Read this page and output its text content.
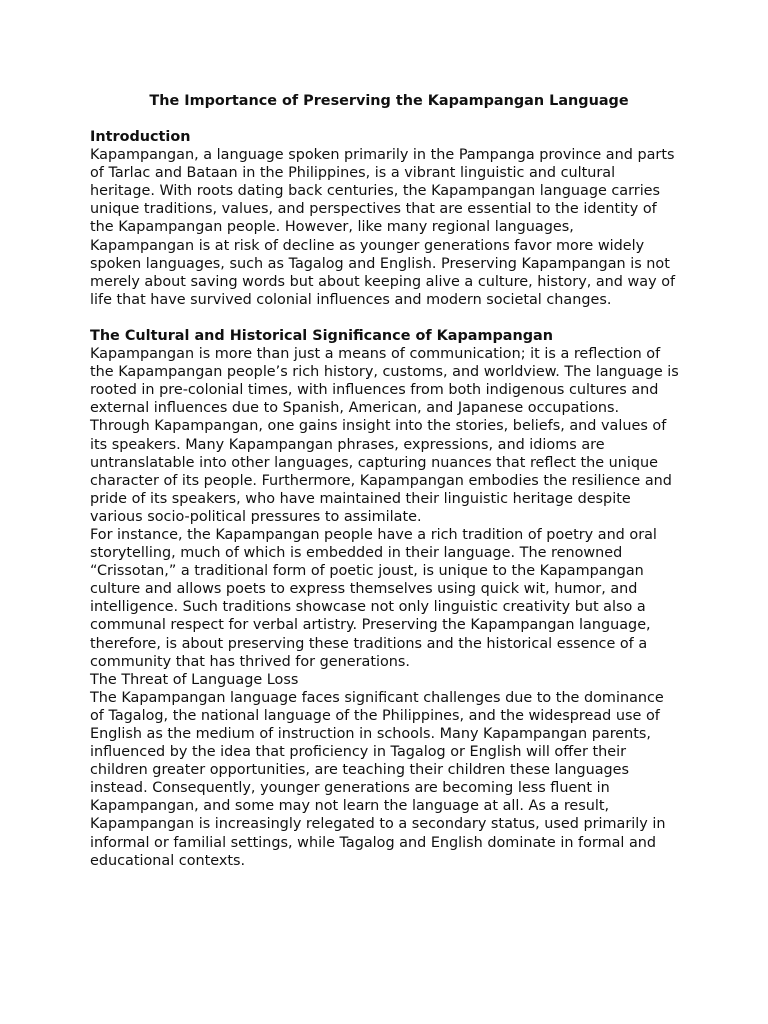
The Importance of Preserving the Kapampangan Language
Introduction

Kapampangan, a language spoken primarily in the Pampanga province and parts of Tarlac and Bataan in the Philippines, is a vibrant linguistic and cultural heritage. With roots dating back centuries, the Kapampangan language carries unique traditions, values, and perspectives that are essential to the identity of the Kapampangan people. However, like many regional languages, Kapampangan is at risk of decline as younger generations favor more widely spoken languages, such as Tagalog and English. Preserving Kapampangan is not merely about saving words but about keeping alive a culture, history, and way of life that have survived colonial influences and modern societal changes.

The Cultural and Historical Significance of Kapampangan

Kapampangan is more than just a means of communication; it is a reflection of the Kapampangan people’s rich history, customs, and worldview. The language is rooted in pre-colonial times, with influences from both indigenous cultures and external influences due to Spanish, American, and Japanese occupations. Through Kapampangan, one gains insight into the stories, beliefs, and values of its speakers. Many Kapampangan phrases, expressions, and idioms are untranslatable into other languages, capturing nuances that reflect the unique character of its people. Furthermore, Kapampangan embodies the resilience and pride of its speakers, who have maintained their linguistic heritage despite various socio-political pressures to assimilate.

For instance, the Kapampangan people have a rich tradition of poetry and oral storytelling, much of which is embedded in their language. The renowned “Crissotan,” a traditional form of poetic joust, is unique to the Kapampangan culture and allows poets to express themselves using quick wit, humor, and intelligence. Such traditions showcase not only linguistic creativity but also a communal respect for verbal artistry. Preserving the Kapampangan language, therefore, is about preserving these traditions and the historical essence of a community that has thrived for generations.

The Threat of Language Loss

The Kapampangan language faces significant challenges due to the dominance of Tagalog, the national language of the Philippines, and the widespread use of English as the medium of instruction in schools. Many Kapampangan parents, influenced by the idea that proficiency in Tagalog or English will offer their children greater opportunities, are teaching their children these languages instead. Consequently, younger generations are becoming less fluent in Kapampangan, and some may not learn the language at all. As a result, Kapampangan is increasingly relegated to a secondary status, used primarily in informal or familial settings, while Tagalog and English dominate in formal and educational contexts.
